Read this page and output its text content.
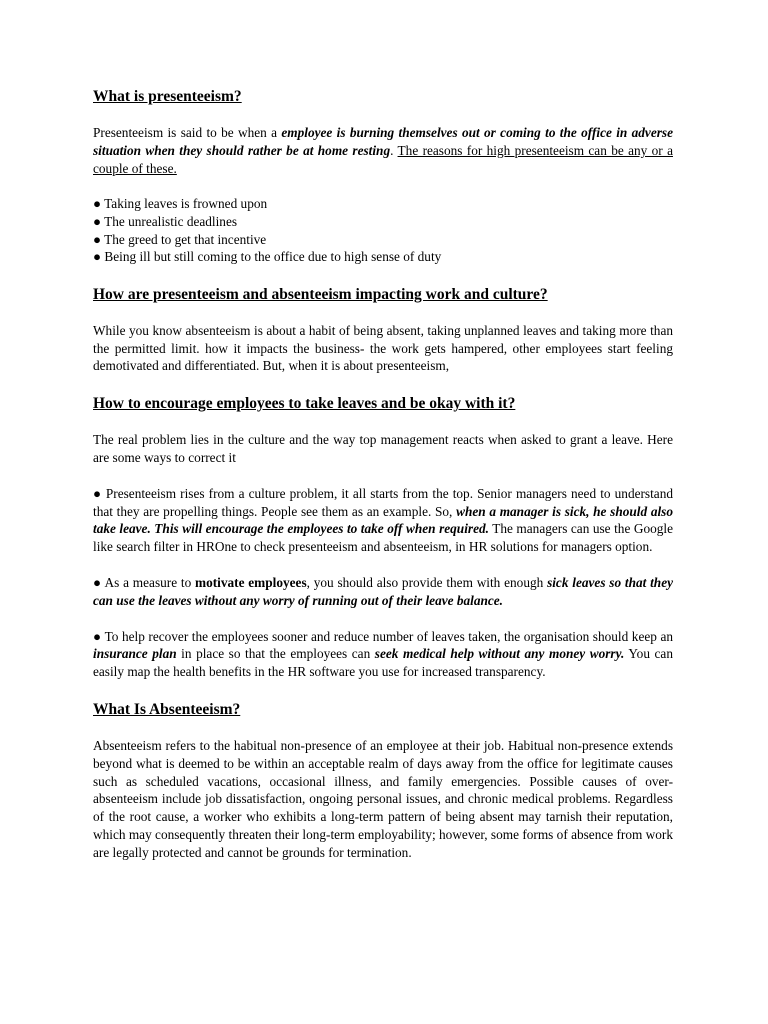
What is presenteeism?

Presenteeism is said to be when a employee is burning themselves out or coming to the office in adverse situation when they should rather be at home resting. The reasons for high presenteeism can be any or a couple of these.

● Taking leaves is frowned upon
● The unrealistic deadlines
● The greed to get that incentive
● Being ill but still coming to the office due to high sense of duty
How are presenteeism and absenteeism impacting work and culture?

While you know absenteeism is about a habit of being absent, taking unplanned leaves and taking more than the permitted limit. how it impacts the business- the work gets hampered, other employees start feeling demotivated and differentiated. But, when it is about presenteeism,

How to encourage employees to take leaves and be okay with it?

The real problem lies in the culture and the way top management reacts when asked to grant a leave. Here are some ways to correct it

● Presenteeism rises from a culture problem, it all starts from the top. Senior managers need to understand that they are propelling things. People see them as an example. So, when a manager is sick, he should also take leave. This will encourage the employees to take off when required. The managers can use the Google like search filter in HROne to check presenteeism and absenteeism, in HR solutions for managers option.

● As a measure to motivate employees, you should also provide them with enough sick leaves so that they can use the leaves without any worry of running out of their leave balance.

● To help recover the employees sooner and reduce number of leaves taken, the organisation should keep an insurance plan in place so that the employees can seek medical help without any money worry. You can easily map the health benefits in the HR software you use for increased transparency.

What Is Absenteeism?

Absenteeism refers to the habitual non-presence of an employee at their job. Habitual non-presence extends beyond what is deemed to be within an acceptable realm of days away from the office for legitimate causes such as scheduled vacations, occasional illness, and family emergencies. Possible causes of over-absenteeism include job dissatisfaction, ongoing personal issues, and chronic medical problems. Regardless of the root cause, a worker who exhibits a long-term pattern of being absent may tarnish their reputation, which may consequently threaten their long-term employability; however, some forms of absence from work are legally protected and cannot be grounds for termination.
